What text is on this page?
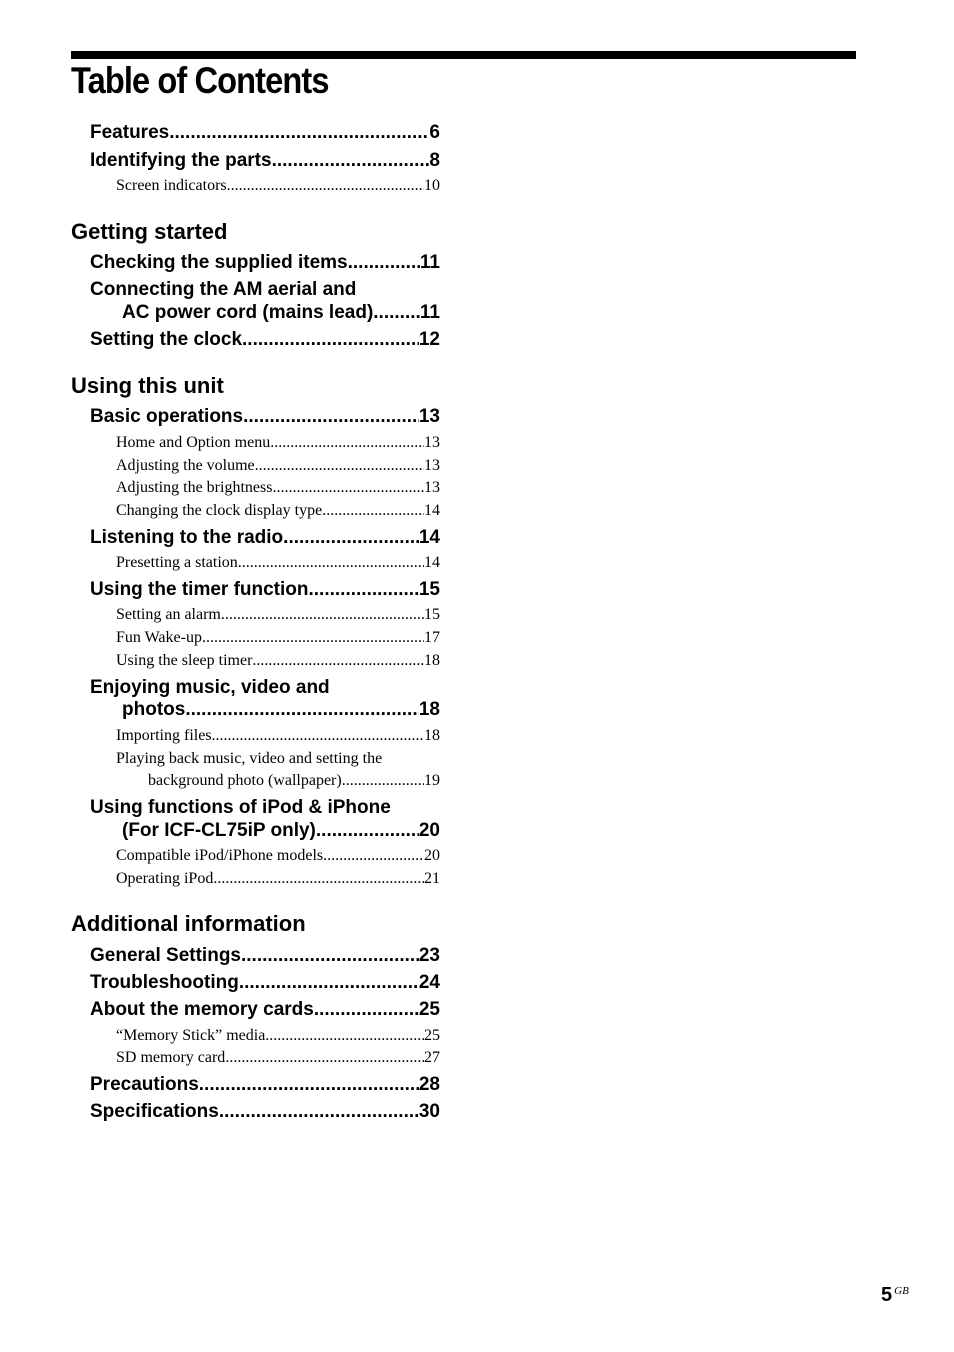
Table of Contents
Features .....	6
Identifying the parts .....	8
Screen indicators .....	10
Getting started
Checking the supplied items .....	11
Connecting the AM aerial and
AC power cord (mains lead) ..... 11
Setting the clock .....	12
Using this unit
Basic operations .....	13
Home and Option menu .....	13
Adjusting the volume .....	13
Adjusting the brightness .....	13
Changing the clock display type .....	14
Listening to the radio .....	14
Presetting a station .....	14
Using the timer function .....	15
Setting an alarm .....	15
Fun Wake-up .....	17
Using the sleep timer .....	18
Enjoying music, video and
photos .....	18
Importing files .....	18
Playing back music, video and setting the
background photo (wallpaper) .....	19
Using functions of iPod & iPhone
(For ICF-CL75iP only) .....	20
Compatible iPod/iPhone models .....	20
Operating iPod .....	21
Additional information
General Settings .....	23
Troubleshooting .....	24
About the memory cards .....	25
“Memory Stick” media .....	25
SD memory card .....	27
Precautions .....	28
Specifications .....	30
5 $^{GB}$
